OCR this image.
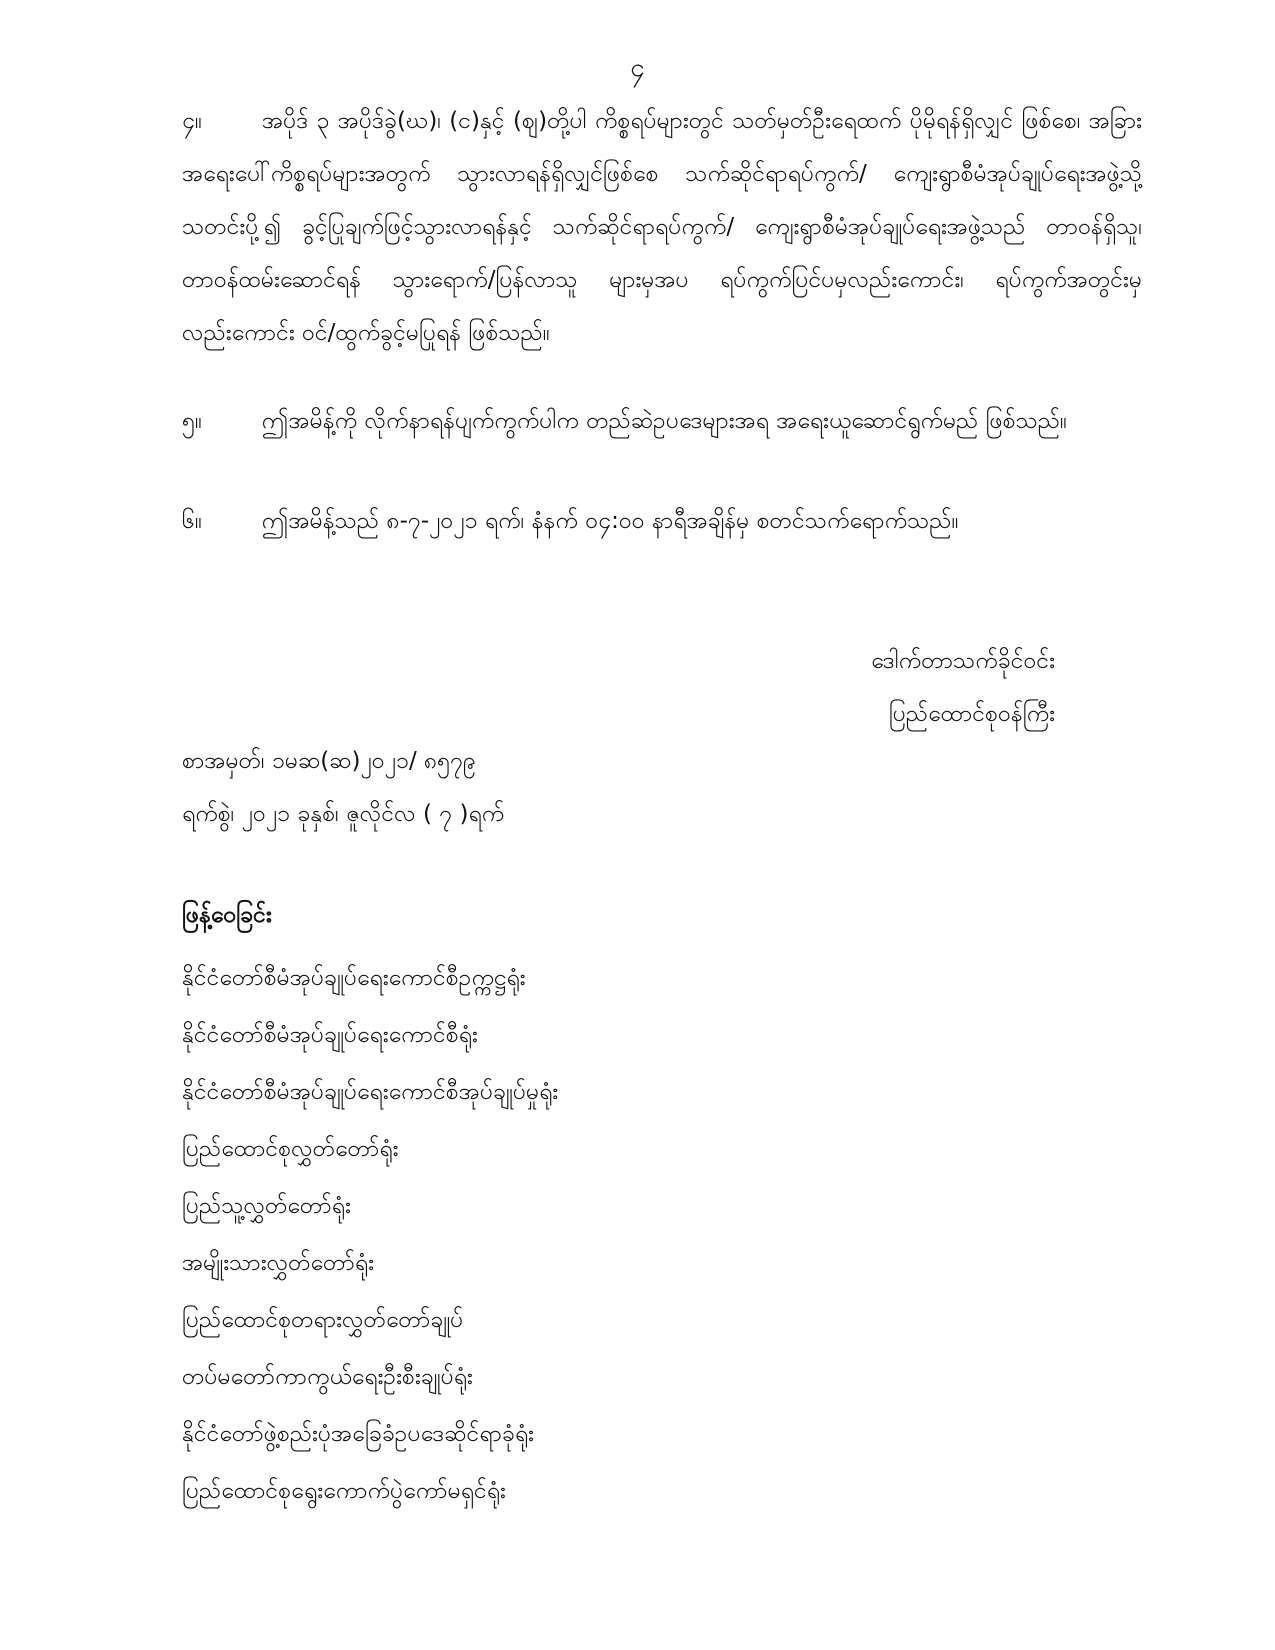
၄
၄။	အပိုဒ် ၃ အပိုဒ်ခွဲ(ဃ)၊ (င)နှင့် (ဈ)တို့ပါ ကိစ္စရပ်များတွင် သတ်မှတ်ဦးရေထက် ပိုမိုရန်ရှိလျှင် ဖြစ်စေ၊ အခြားအရေးပေါ်ကိစ္စရပ်များအတွက် သွားလာရန်ရှိလျှင်ဖြစ်စေ သက်ဆိုင်ရာရပ်ကွက်/ ကျေးရွာစီမံအုပ်ချုပ်ရေးအဖွဲ့သို့ သတင်းပို့၍ ခွင့်ပြုချက်ဖြင့်သွားလာရန်နှင့် သက်ဆိုင်ရာရပ်ကွက်/ ကျေးရွာစီမံအုပ်ချုပ်ရေးအဖွဲ့သည် တာဝန်ရှိသူ၊ တာဝန်ထမ်းဆောင်ရန် သွားရောက်/ပြန်လာသူ များမှအပ ရပ်ကွက်ပြင်ပမှလည်းကောင်း၊ ရပ်ကွက်အတွင်းမှလည်းကောင်း ဝင်/ထွက်ခွင့်မပြုရန် ဖြစ်သည်။
၅။	ဤအမိန့်ကို လိုက်နာရန်ပျက်ကွက်ပါက တည်ဆဲဥပဒေများအရ အရေးယူဆောင်ရွက်မည် ဖြစ်သည်။
၆။	ဤအမိန့်သည် ၈-၇-၂၀၂၁ ရက်၊ နံနက် ၀၄:၀၀ နာရီအချိန်မှ စတင်သက်ရောက်သည်။
ဒေါက်တာသက်ခိုင်ဝင်း
ပြည်ထောင်စုဝန်ကြီး
စာအမှတ်၊ ၁မဆ(ဆ)၂၀၂၁/ ၈၅၇၉
ရက်စွဲ၊ ၂၀၂၁ ခုနှစ်၊ ဇူလိုင်လ ( ၇ )ရက်
ဖြန့်ဝေခြင်း
နိုင်ငံတော်စီမံအုပ်ချုပ်ရေးကောင်စီဥက္ကဋ္ဌရုံး
နိုင်ငံတော်စီမံအုပ်ချုပ်ရေးကောင်စီရုံး
နိုင်ငံတော်စီမံအုပ်ချုပ်ရေးကောင်စီအုပ်ချုပ်မှုရုံး
ပြည်ထောင်စုလွှတ်တော်ရုံး
ပြည်သူ့လွှတ်တော်ရုံး
အမျိုးသားလွှတ်တော်ရုံး
ပြည်ထောင်စုတရားလွှတ်တော်ချုပ်
တပ်မတော်ကာကွယ်ရေးဦးစီးချုပ်ရုံး
နိုင်ငံတော်ဖွဲ့စည်းပုံအခြေခံဥပဒေဆိုင်ရာခုံရုံး
ပြည်ထောင်စုရွေးကောက်ပွဲကော်မရှင်ရုံး
